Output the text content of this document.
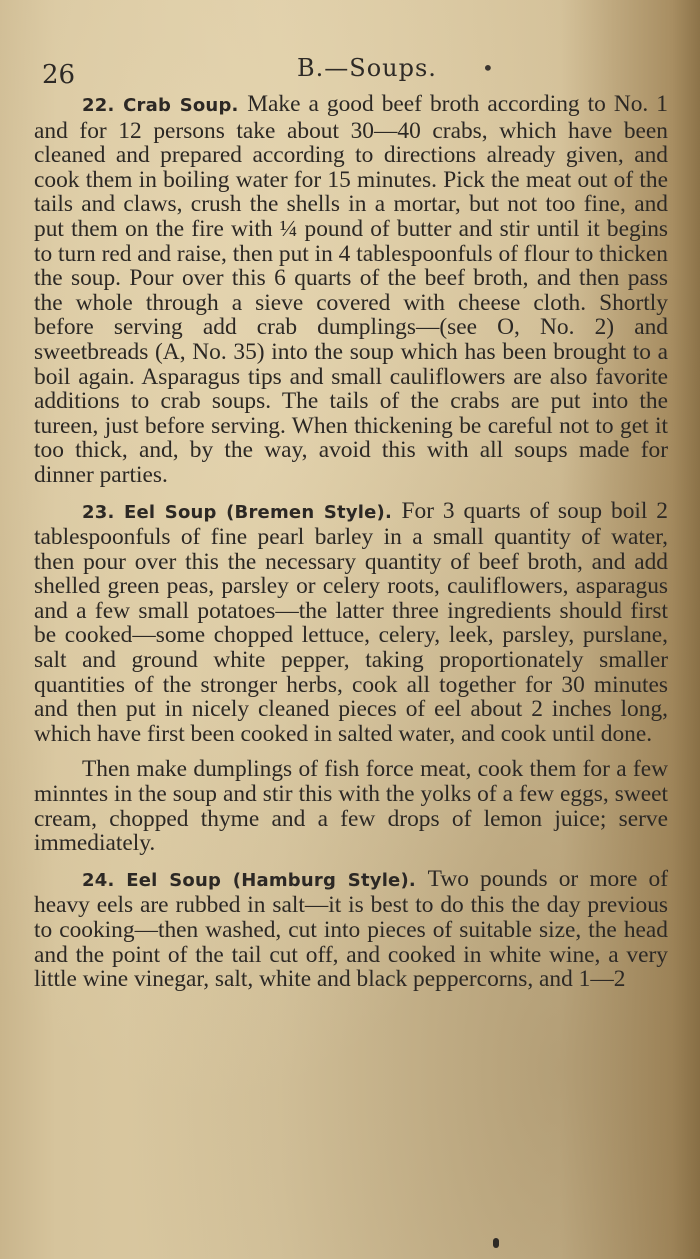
26	B.—Soups. •

22. Crab Soup. Make a good beef broth according to No. 1 and for 12 persons take about 30—40 crabs, which have been cleaned and prepared according to directions already given, and cook them in boiling water for 15 minutes. Pick the meat out of the tails and claws, crush the shells in a mortar, but not too fine, and put them on the fire with ¼ pound of butter and stir until it begins to turn red and raise, then put in 4 tablespoonfuls of flour to thicken the soup. Pour over this 6 quarts of the beef broth, and then pass the whole through a sieve covered with cheese cloth. Shortly before serving add crab dumplings—(see O, No. 2) and sweetbreads (A, No. 35) into the soup which has been brought to a boil again. Asparagus tips and small cauliflowers are also favorite additions to crab soups. The tails of the crabs are put into the tureen, just before serving. When thickening be careful not to get it too thick, and, by the way, avoid this with all soups made for dinner parties.

23. Eel Soup (Bremen Style). For 3 quarts of soup boil 2 tablespoonfuls of fine pearl barley in a small quantity of water, then pour over this the necessary quantity of beef broth, and add shelled green peas, parsley or celery roots, cauliflowers, asparagus and a few small potatoes—the latter three ingredients should first be cooked—some chopped lettuce, celery, leek, parsley, purslane, salt and ground white pepper, taking proportionately smaller quantities of the stronger herbs, cook all together for 30 minutes and then put in nicely cleaned pieces of eel about 2 inches long, which have first been cooked in salted water, and cook until done.

Then make dumplings of fish force meat, cook them for a few minntes in the soup and stir this with the yolks of a few eggs, sweet cream, chopped thyme and a few drops of lemon juice; serve immediately.

24. Eel Soup (Hamburg Style). Two pounds or more of heavy eels are rubbed in salt—it is best to do this the day previous to cooking—then washed, cut into pieces of suitable size, the head and the point of the tail cut off, and cooked in white wine, a very little wine vinegar, salt, white and black peppercorns, and 1—2
